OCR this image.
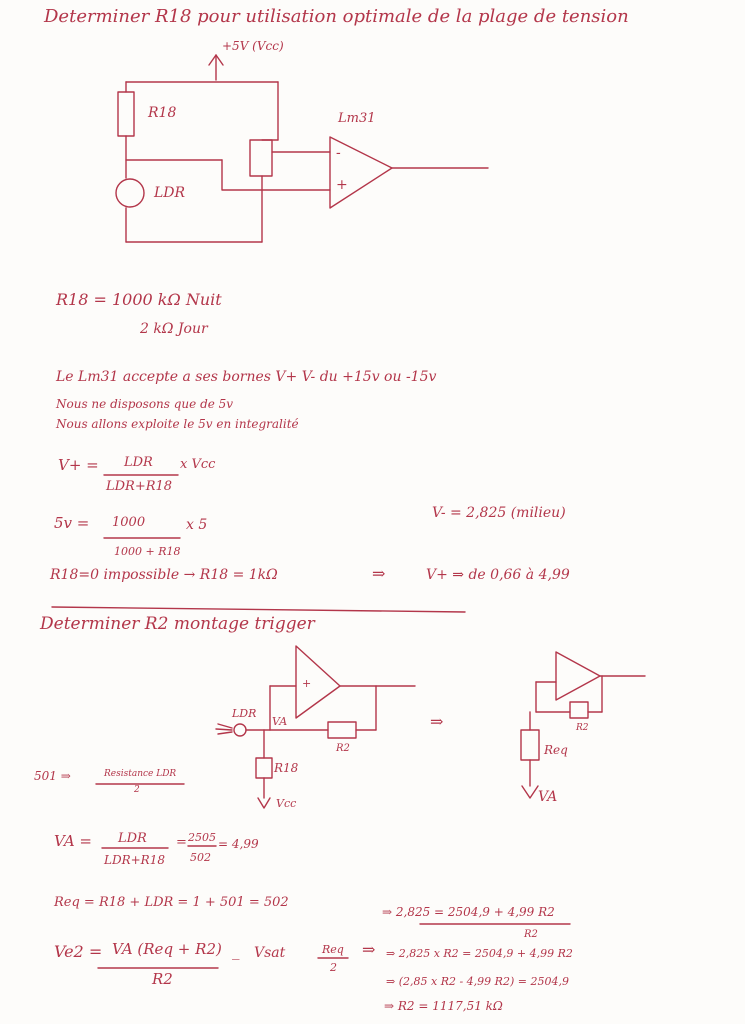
Determiner R18 pour utilisation optimale de la plage de tension
+5V (Vcc)
R18
LDR
Lm31
-
+
R18 = 1000 kΩ Nuit
2 kΩ Jour
Le Lm31 accepte a ses bornes V+ V- du +15v ou -15v
Nous ne disposons que de 5v
Nous allons exploite le 5v en integralité
V+ = LDR
LDR+R18
x Vcc
5v = 1000
1000 + R18
x 5
V- = 2,825 (milieu)
R18=0 impossible → R18 = 1kΩ	⇒	V+ ⇒ de 0,66 à 4,99
Determiner R2 montage trigger
LDR
VA
R2
R18
Vcc
+
⇒	R2
Req
VA
501 ⇒	Resistance LDR
2
VA = LDR
LDR+R18
= 2505
502
= 4,99
Req = R18 + LDR = 1 + 501 = 502
Ve2 = VA (Req + R2)
R2
_ Vsat	Req
2
⇒
⇒ 2,825 = 2504,9 + 4,99 R2
R2
⇒ 2,825 x R2 = 2504,9 + 4,99 R2
⇒ (2,85 x R2 - 4,99 R2) = 2504,9
⇒ R2 = 1117,51 kΩ
